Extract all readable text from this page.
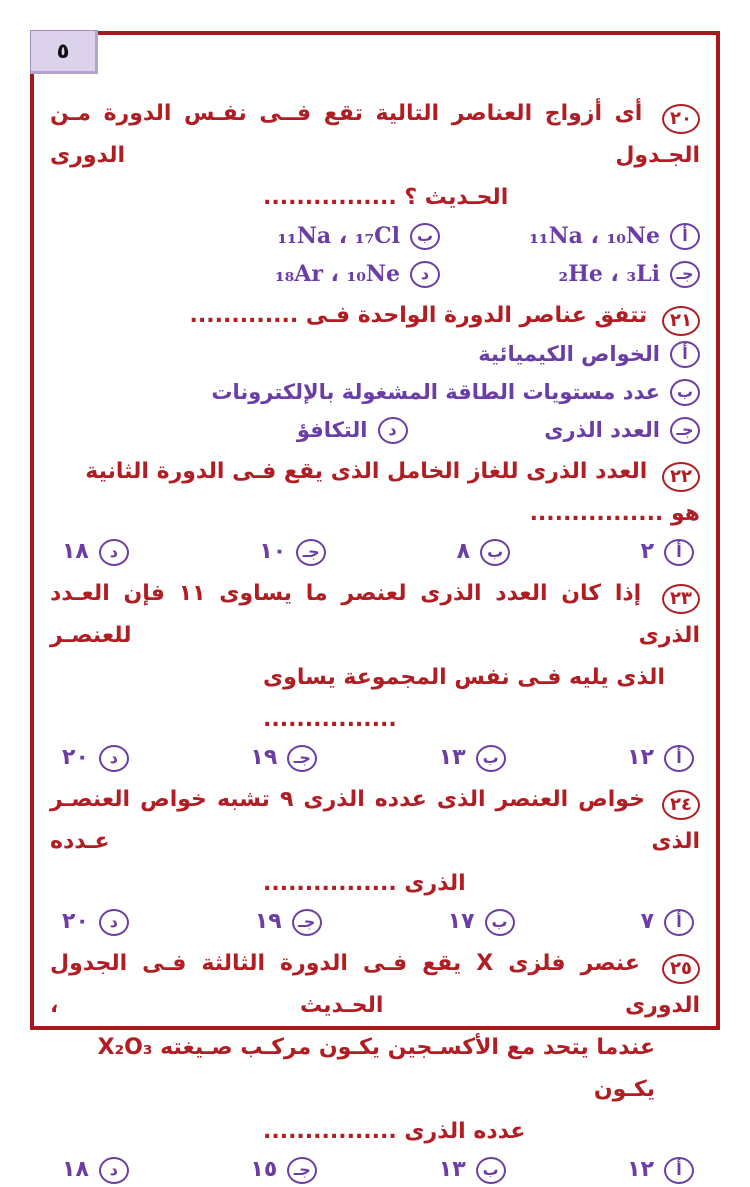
٥
٢٠ أى أزواج العناصر التالية تقع فــى نفـس الدورة مـن الجـدول الدورى
الحـديث ؟ ................
أ
₁₁Na ، ₁₀Ne
ب
₁₁Na ، ₁₇Cl
جـ
₂He ، ₃Li
د
₁₈Ar ، ₁₀Ne
٢١ تتفق عناصر الدورة الواحدة فـى .............
أ
الخواص الكيميائية
ب
عدد مستويات الطاقة المشغولة بالإلكترونات
جـ
العدد الذرى
د
التكافؤ
٢٢ العدد الذرى للغاز الخامل الذى يقع فـى الدورة الثانية هو ................
أ
٢
ب
٨
جـ
١٠
د
١٨
٢٣ إذا كان العدد الذرى لعنصر ما يساوى ١١ فإن العـدد الذرى للعنصـر
الذى يليه فـى نفس المجموعة يساوى ................
أ
١٢
ب
١٣
جـ
١٩
د
٢٠
٢٤ خواص العنصر الذى عدده الذرى ٩ تشبه خواص العنصـر الذى عـدده
الذرى ................
أ
٧
ب
١٧
جـ
١٩
د
٢٠
٢٥ عنصر فلزى X يقع فـى الدورة الثالثة فـى الجدول الدورى الحـديث ،
عندما يتحد مع الأكسـجين يكـون مركـب صـيغته X₂O₃ يكـون
عدده الذرى ................
أ
١٢
ب
١٣
جـ
١٥
د
١٨
